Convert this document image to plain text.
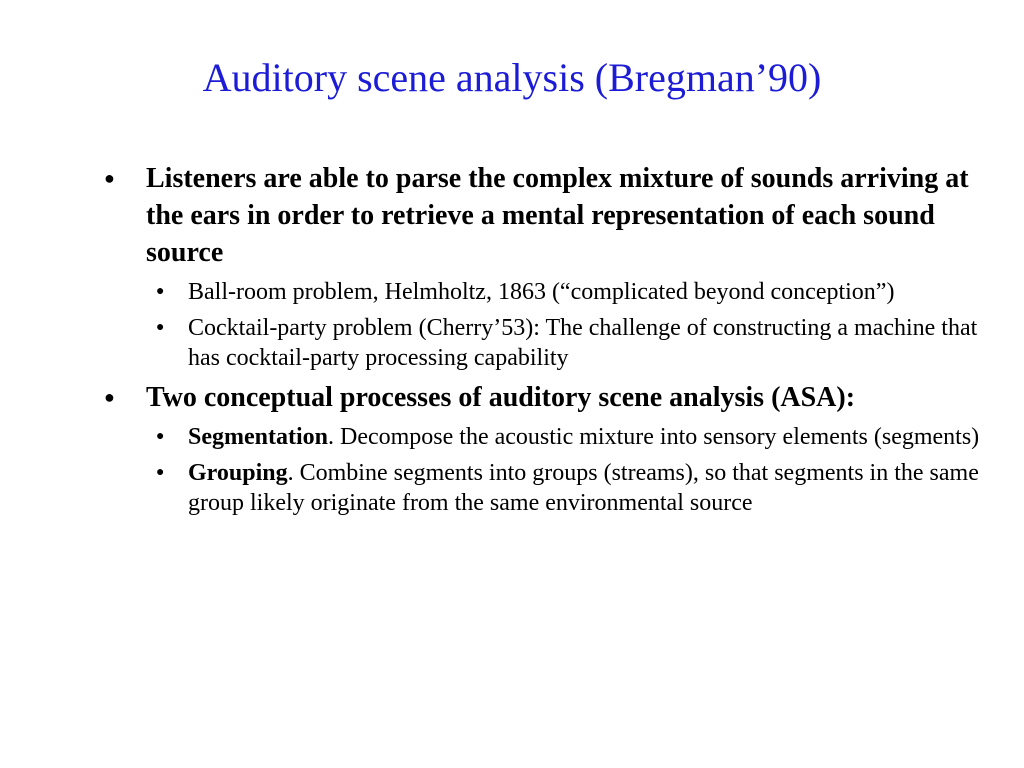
Auditory scene analysis (Bregman’90)
● Listeners are able to parse the complex mixture of sounds arriving at the ears in order to retrieve a mental representation of each sound source
● Ball-room problem, Helmholtz, 1863 (“complicated beyond conception”)
● Cocktail-party problem (Cherry’53): The challenge of constructing a machine that has cocktail-party processing capability
● Two conceptual processes of auditory scene analysis (ASA):
● Segmentation. Decompose the acoustic mixture into sensory elements (segments)
● Grouping. Combine segments into groups (streams), so that segments in the same group likely originate from the same environmental source
